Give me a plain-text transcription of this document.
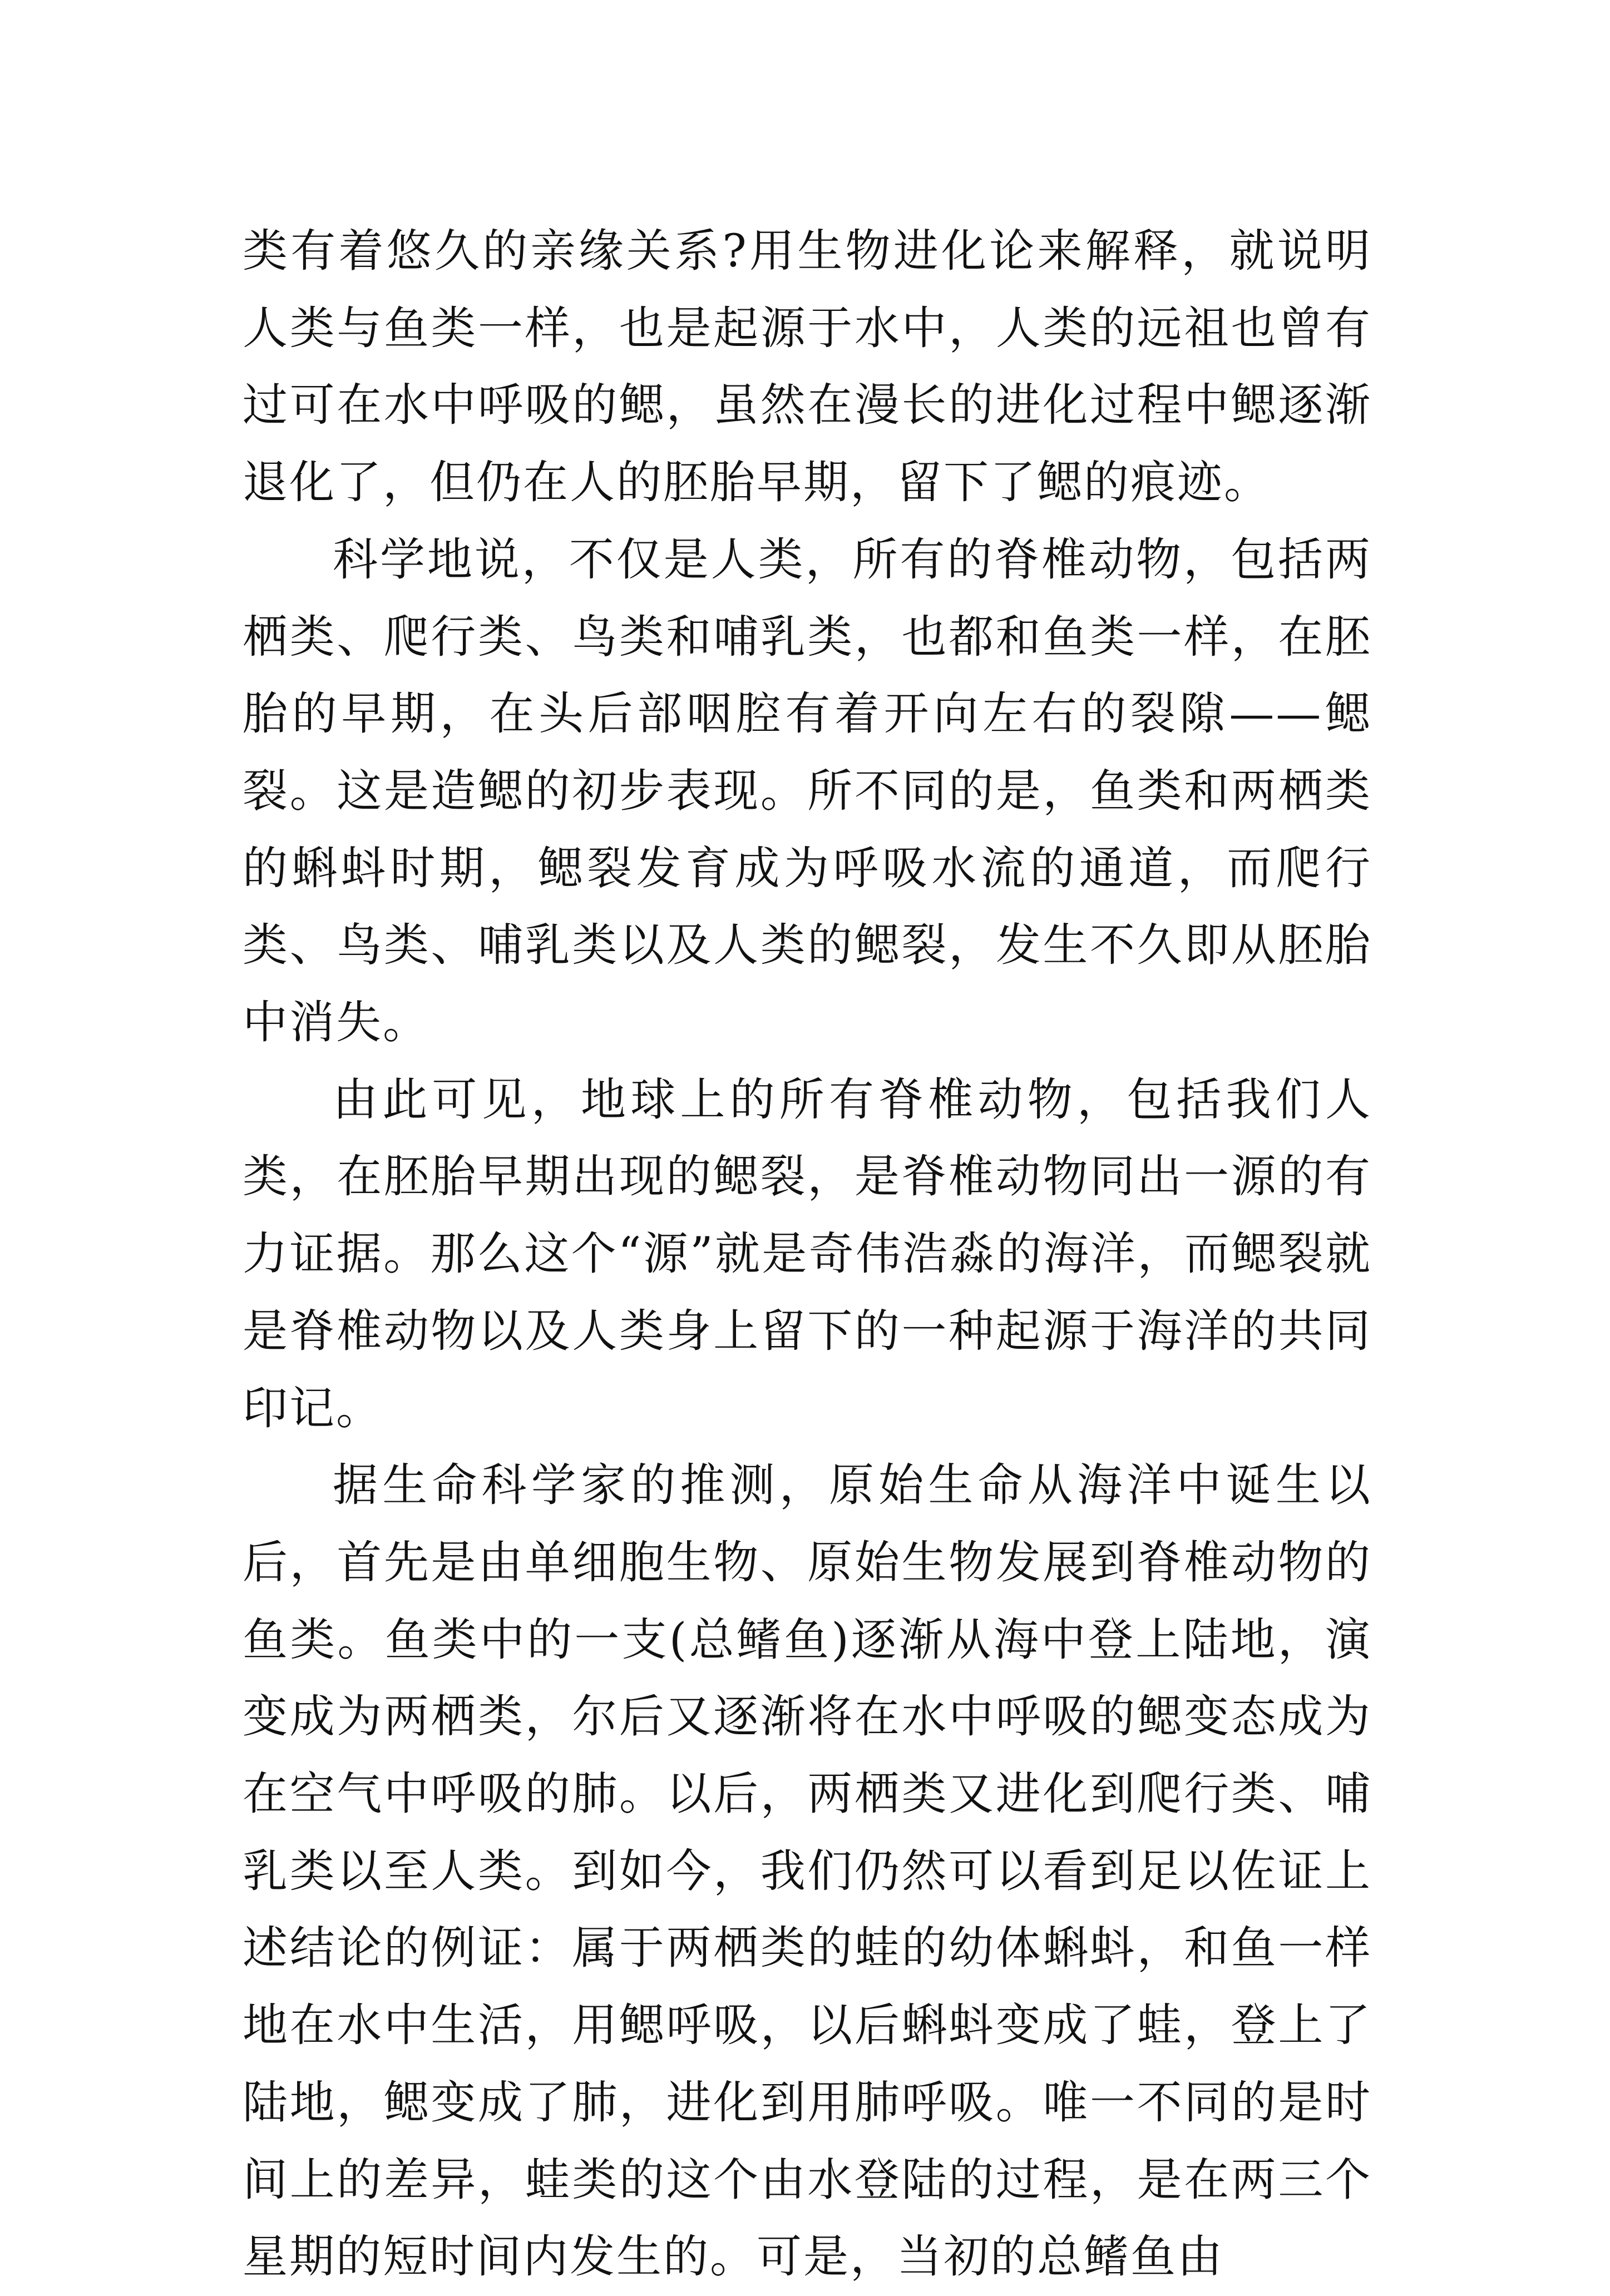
类有着悠久的亲缘关系?用生物进化论来解释，就说明人类与鱼类一样，也是起源于水中，人类的远祖也曾有过可在水中呼吸的鳃，虽然在漫长的进化过程中鳃逐渐退化了，但仍在人的胚胎早期，留下了鳃的痕迹。

科学地说，不仅是人类，所有的脊椎动物，包括两栖类、爬行类、鸟类和哺乳类，也都和鱼类一样，在胚胎的早期，在头后部咽腔有着开向左右的裂隙——鳃裂。这是造鳃的初步表现。所不同的是，鱼类和两栖类的蝌蚪时期，鳃裂发育成为呼吸水流的通道，而爬行类、鸟类、哺乳类以及人类的鳃裂，发生不久即从胚胎中消失。

由此可见，地球上的所有脊椎动物，包括我们人类，在胚胎早期出现的鳃裂，是脊椎动物同出一源的有力证据。那么这个“源”就是奇伟浩淼的海洋，而鳃裂就是脊椎动物以及人类身上留下的一种起源于海洋的共同印记。

据生命科学家的推测，原始生命从海洋中诞生以后，首先是由单细胞生物、原始生物发展到脊椎动物的鱼类。鱼类中的一支(总鳍鱼)逐渐从海中登上陆地，演变成为两栖类，尔后又逐渐将在水中呼吸的鳃变态成为在空气中呼吸的肺。以后，两栖类又进化到爬行类、哺乳类以至人类。到如今，我们仍然可以看到足以佐证上述结论的例证：属于两栖类的蛙的幼体蝌蚪，和鱼一样地在水中生活，用鳃呼吸，以后蝌蚪变成了蛙，登上了陆地，鳃变成了肺，进化到用肺呼吸。唯一不同的是时间上的差异，蛙类的这个由水登陆的过程，是在两三个星期的短时间内发生的。可是，当初的总鳍鱼由
